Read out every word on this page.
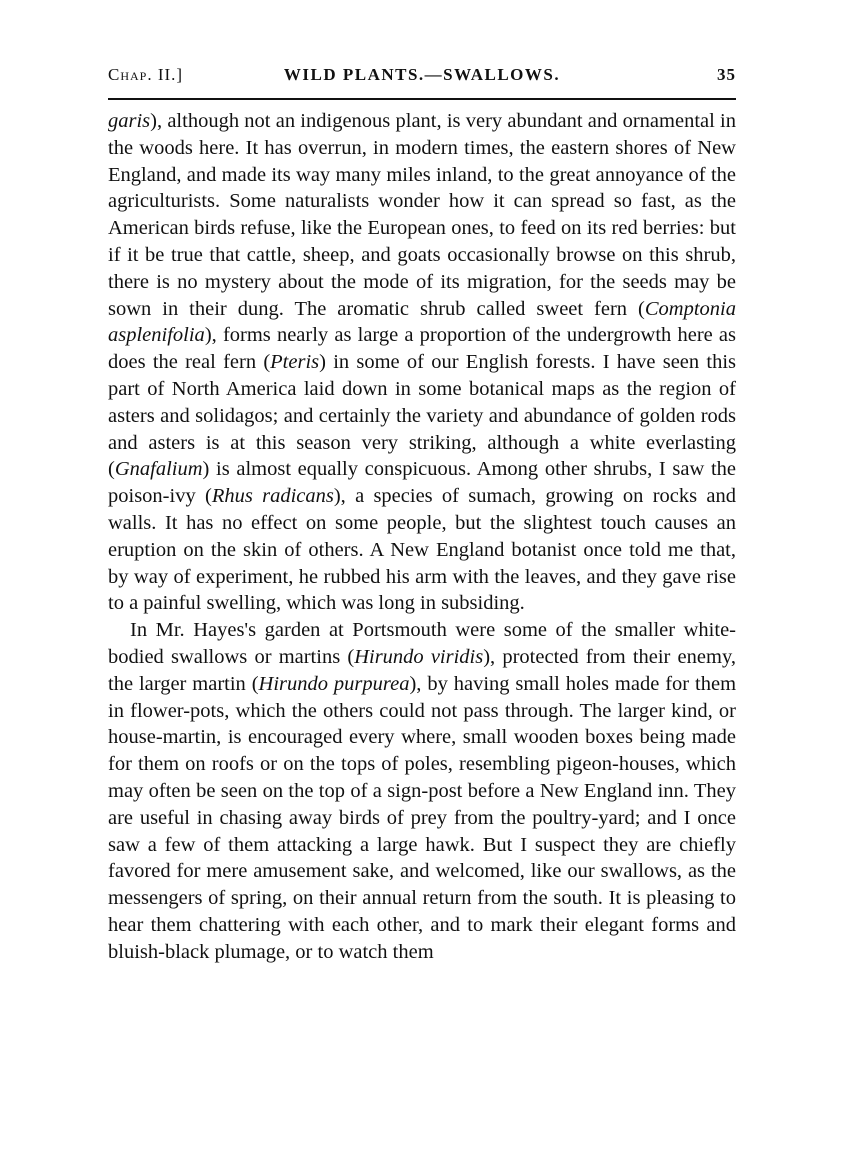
Chap. II.]	WILD PLANTS.—SWALLOWS.	35

garis), although not an indigenous plant, is very abundant and ornamental in the woods here. It has overrun, in modern times, the eastern shores of New England, and made its way many miles inland, to the great annoyance of the agriculturists. Some naturalists wonder how it can spread so fast, as the American birds refuse, like the European ones, to feed on its red berries: but if it be true that cattle, sheep, and goats occasionally browse on this shrub, there is no mystery about the mode of its migration, for the seeds may be sown in their dung. The aromatic shrub called sweet fern (Comptonia asplenifolia), forms nearly as large a proportion of the undergrowth here as does the real fern (Pteris) in some of our English forests. I have seen this part of North America laid down in some botanical maps as the region of asters and solidagos; and certainly the variety and abundance of golden rods and asters is at this season very striking, although a white everlasting (Gnafalium) is almost equally conspicuous. Among other shrubs, I saw the poison-ivy (Rhus radicans), a species of sumach, growing on rocks and walls. It has no effect on some people, but the slightest touch causes an eruption on the skin of others. A New England botanist once told me that, by way of experiment, he rubbed his arm with the leaves, and they gave rise to a painful swelling, which was long in subsiding.

In Mr. Hayes's garden at Portsmouth were some of the smaller white-bodied swallows or martins (Hirundo viridis), protected from their enemy, the larger martin (Hirundo purpurea), by having small holes made for them in flower-pots, which the others could not pass through. The larger kind, or house-martin, is encouraged every where, small wooden boxes being made for them on roofs or on the tops of poles, resembling pigeon-houses, which may often be seen on the top of a sign-post before a New England inn. They are useful in chasing away birds of prey from the poultry-yard; and I once saw a few of them attacking a large hawk. But I suspect they are chiefly favored for mere amusement sake, and welcomed, like our swallows, as the messengers of spring, on their annual return from the south. It is pleasing to hear them chattering with each other, and to mark their elegant forms and bluish-black plumage, or to watch them
